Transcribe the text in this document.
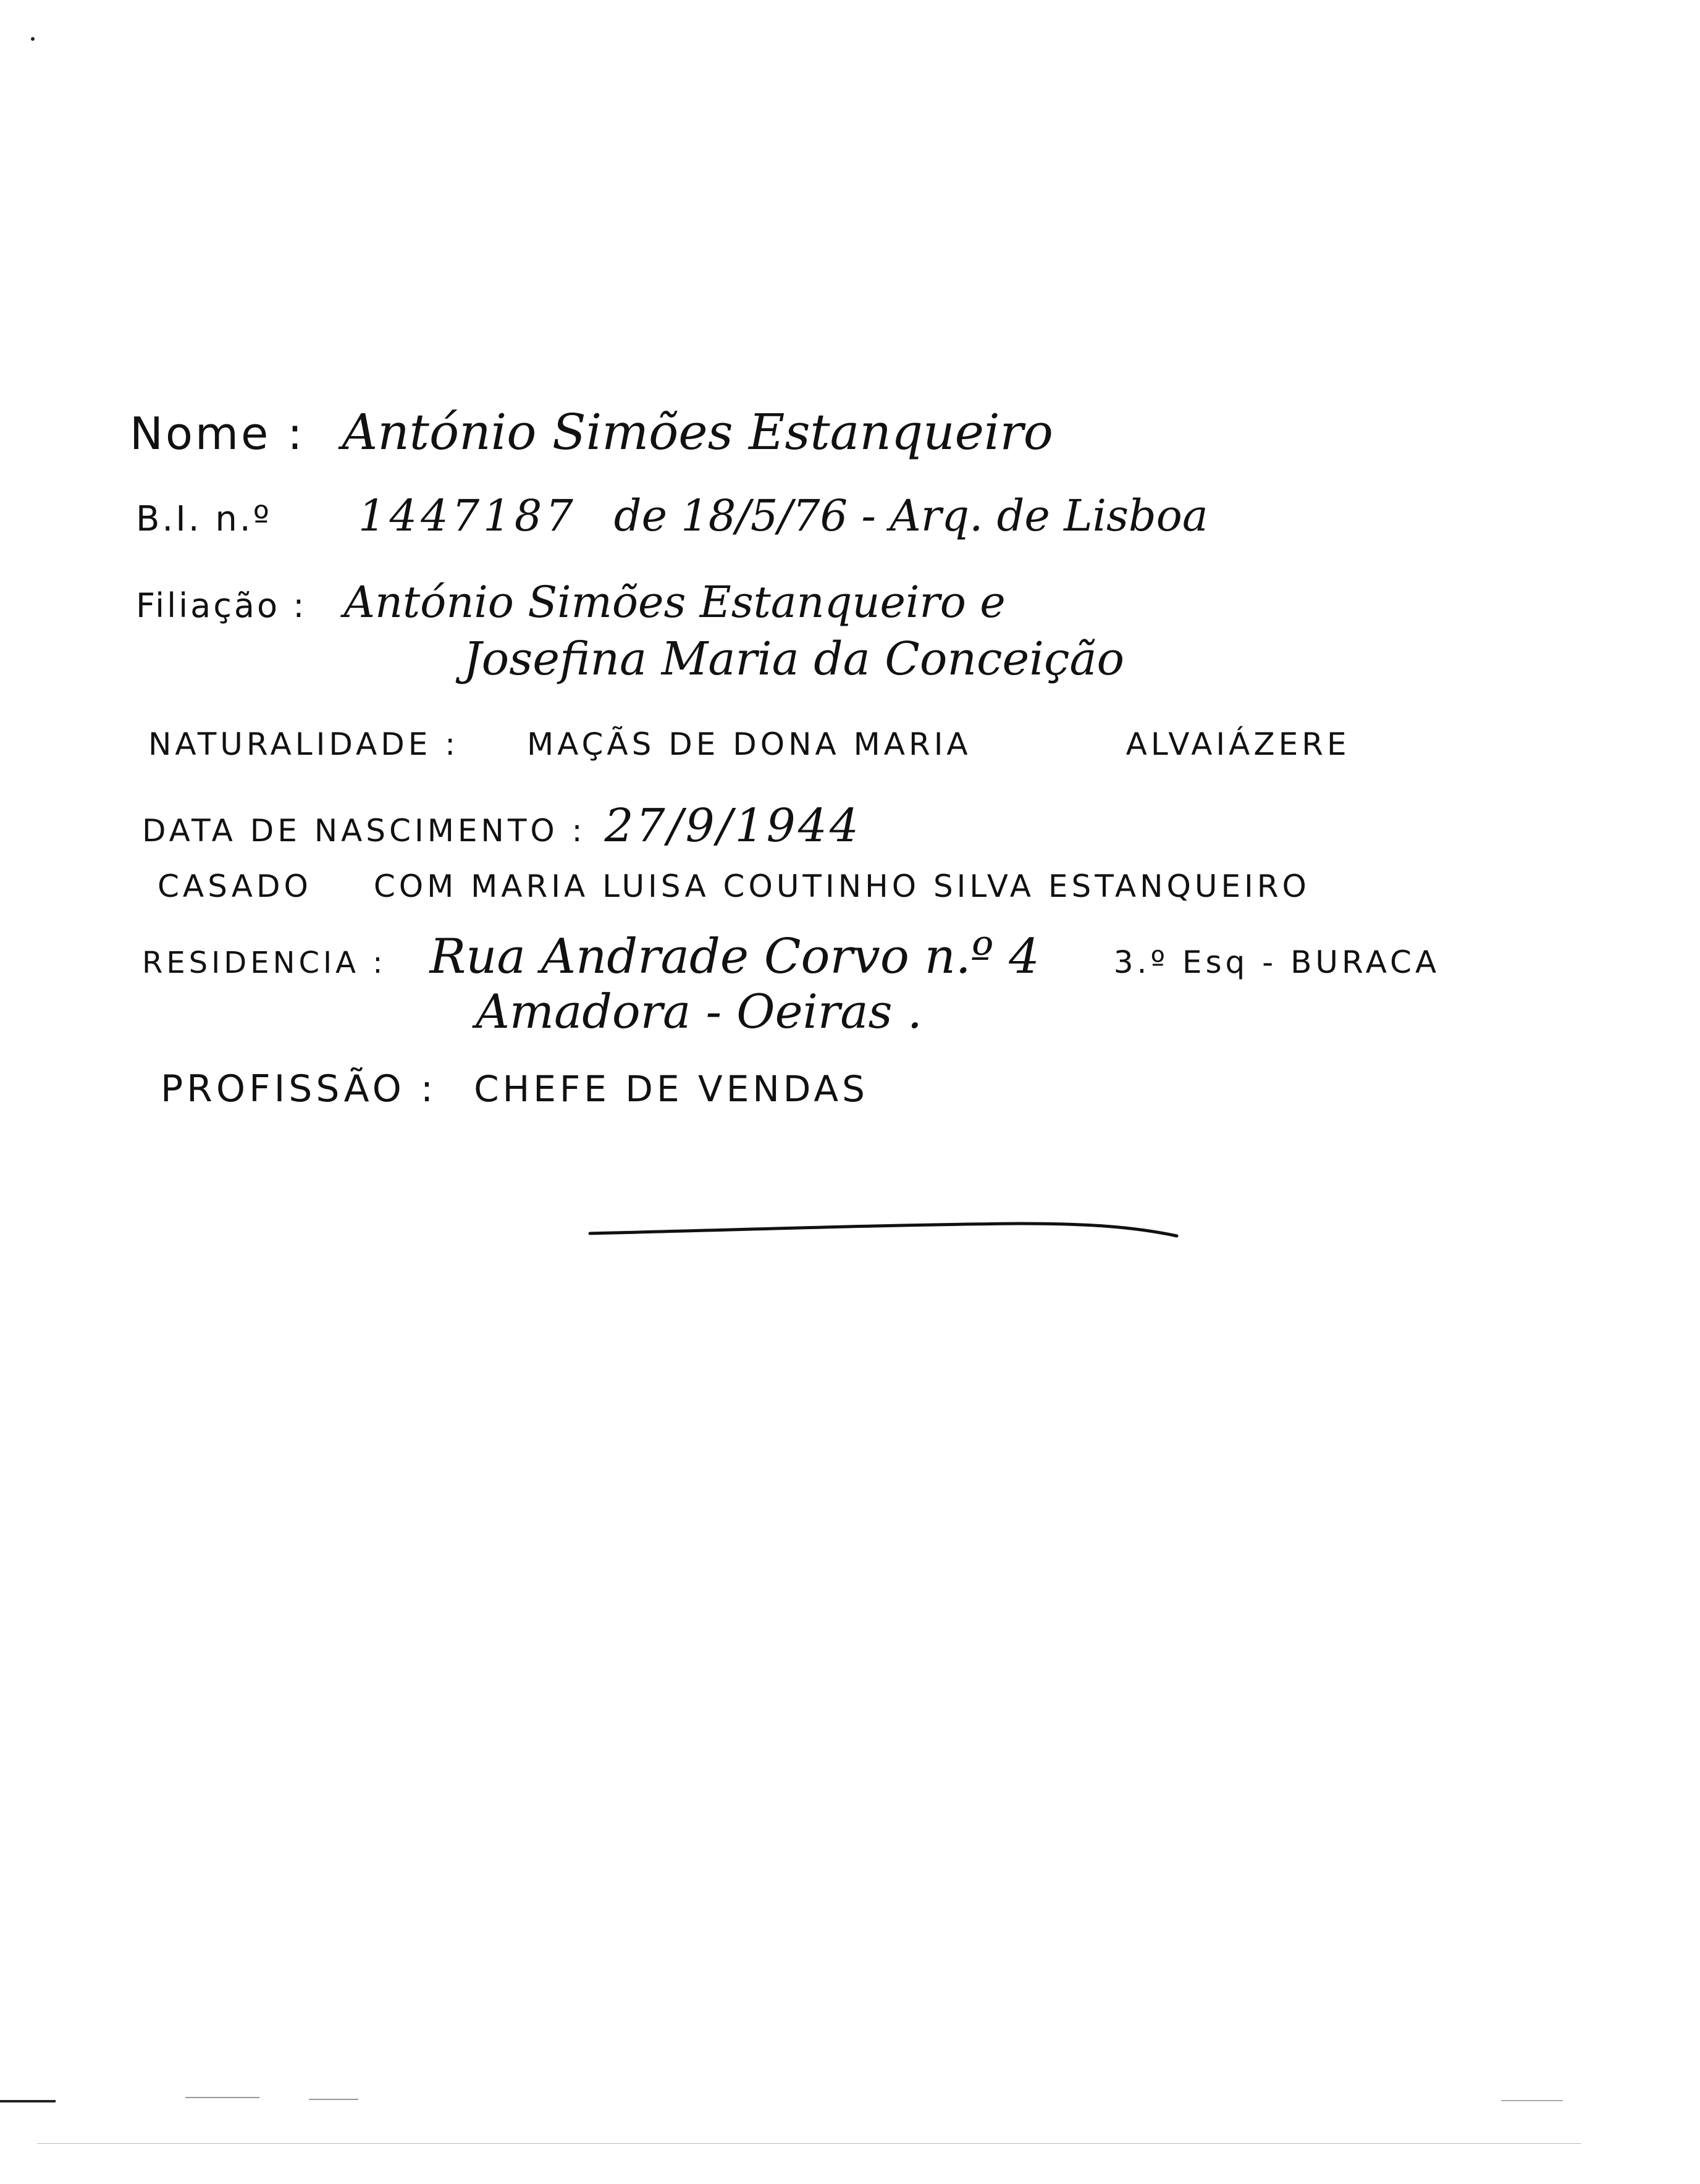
Nome : António Simões Estanqueiro
B.I. n.º 1447187 de 18/5/76 - Arq. de Lisboa
Filiação : António Simões Estanqueiro e
Josefina Maria da Conceição
NATURALIDADE : MAÇÃS DE DONA MARIA	ALVAIÁZERE
DATA DE NASCIMENTO : 27/9/1944
CASADO COM MARIA LUISA COUTINHO SILVA ESTANQUEIRO
RESIDENCIA : Rua Andrade Corvo n.º 4 3.º Esq - BURACA
Amadora - Oeiras .
PROFISSÃO : CHEFE DE VENDAS
